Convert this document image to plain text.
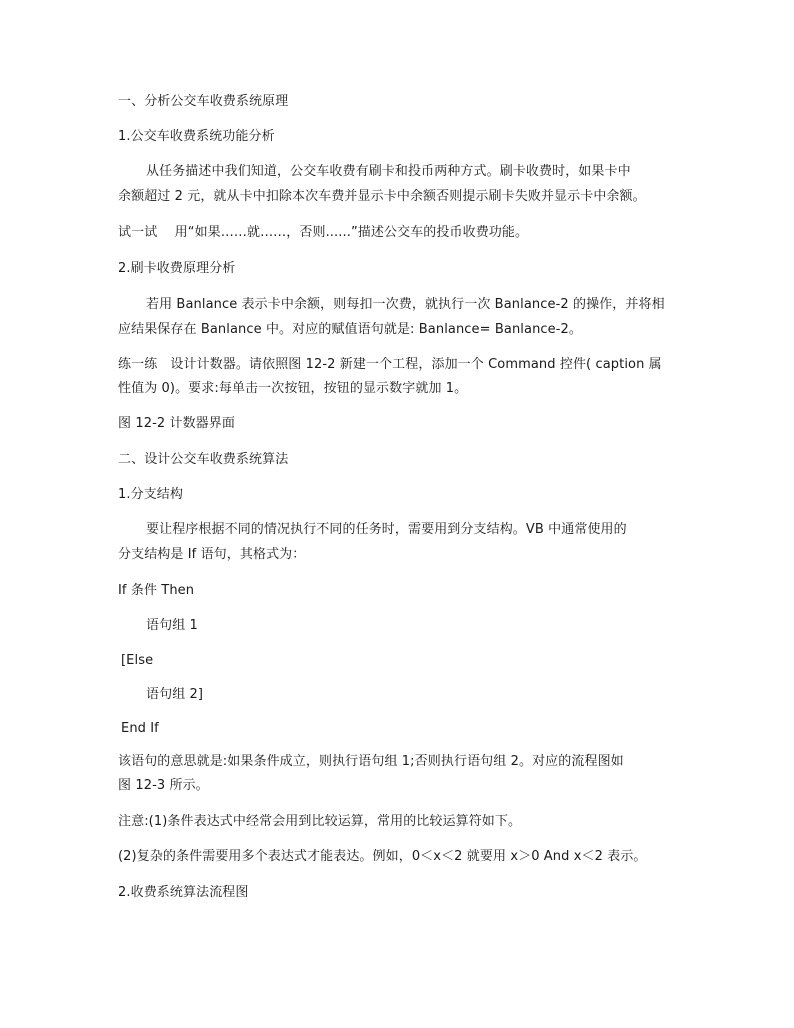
一、分析公交车收费系统原理
1.公交车收费系统功能分析
从任务描述中我们知道，公交车收费有刷卡和投币两种方式。刷卡收费时，如果卡中
余额超过 2 元，就从卡中扣除本次车费并显示卡中余额否则提示刷卡失败并显示卡中余额。
试一试　 用“如果……就……，否则......”描述公交车的投币收费功能。
2.刷卡收费原理分析
若用 Banlance 表示卡中余额，则每扣一次费，就执行一次 Banlance-2 的操作，并将相
应结果保存在 Banlance 中。对应的赋值语句就是: Banlance= Banlance-2。
练一练　设计计数器。请依照图 12-2 新建一个工程，添加一个 Command 控件( caption 属
性值为 0)。要求:每单击一次按钮，按钮的显示数字就加 1。
图 12-2 计数器界面
二、设计公交车收费系统算法
1.分支结构
要让程序根据不同的情况执行不同的任务时，需要用到分支结构。VB 中通常使用的
分支结构是 If 语句，其格式为：
If 条件 Then
语句组 1
[Else
语句组 2]
End If
该语句的意思就是:如果条件成立，则执行语句组 1;否则执行语句组 2。对应的流程图如
图 12-3 所示。
注意:(1)条件表达式中经常会用到比较运算，常用的比较运算符如下。
(2)复杂的条件需要用多个表达式才能表达。例如，0＜x＜2 就要用 x＞0 And x＜2 表示。
2.收费系统算法流程图
